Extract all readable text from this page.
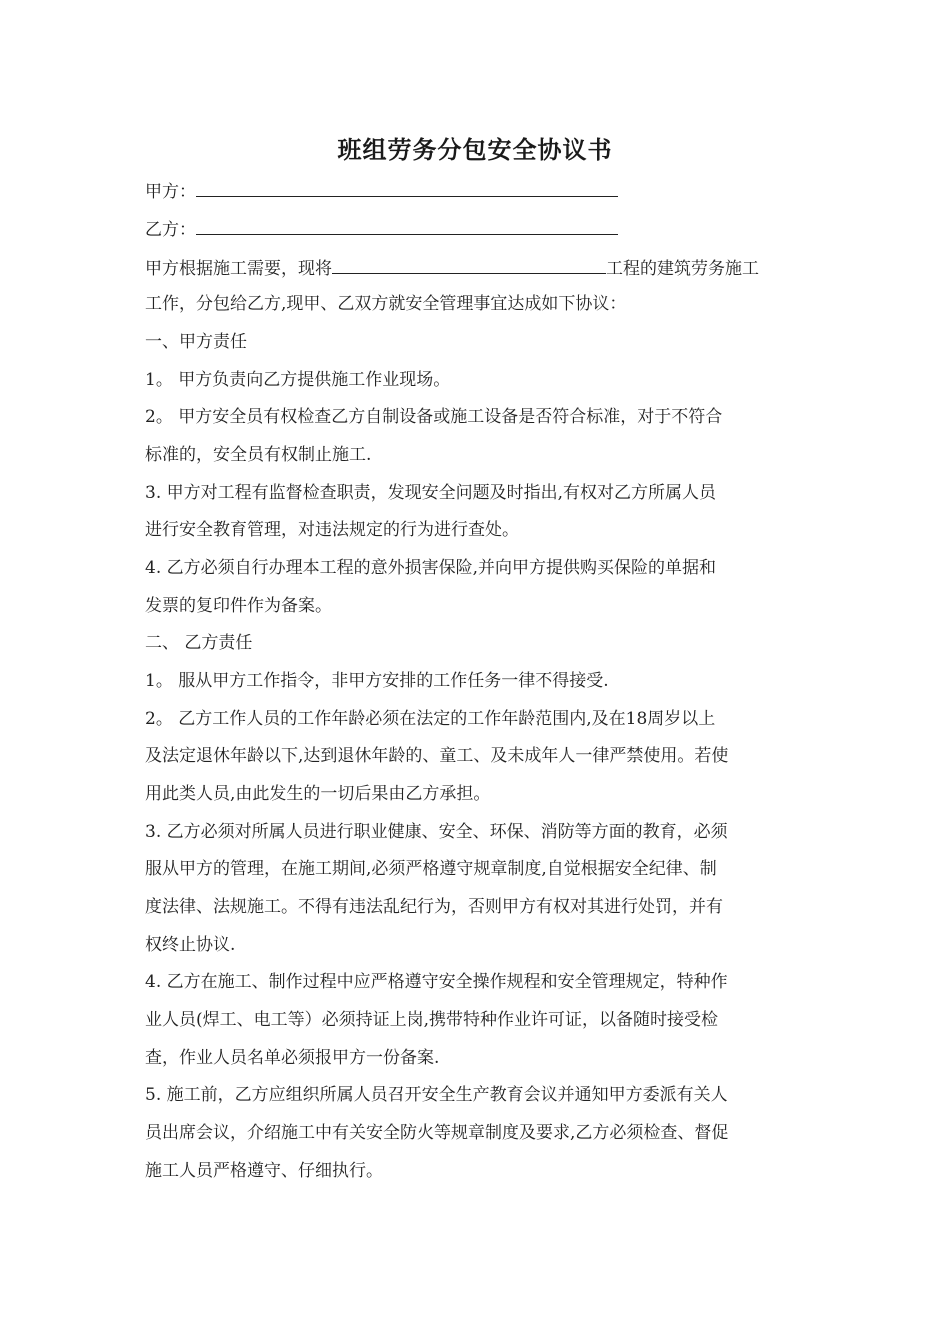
班组劳务分包安全协议书
甲方：
乙方：
甲方根据施工需要，现将	工程的建筑劳务施工
工作，分包给乙方,现甲、乙双方就安全管理事宜达成如下协议：
一、甲方责任
1。 甲方负责向乙方提供施工作业现场。
2。 甲方安全员有权检查乙方自制设备或施工设备是否符合标准，对于不符合
标准的，安全员有权制止施工.
3. 甲方对工程有监督检查职责，发现安全问题及时指出,有权对乙方所属人员
进行安全教育管理，对违法规定的行为进行查处。
4. 乙方必须自行办理本工程的意外损害保险,并向甲方提供购买保险的单据和
发票的复印件作为备案。
二、 乙方责任
1。 服从甲方工作指令，非甲方安排的工作任务一律不得接受.
2。 乙方工作人员的工作年龄必须在法定的工作年龄范围内,及在18周岁以上
及法定退休年龄以下,达到退休年龄的、童工、及未成年人一律严禁使用。若使
用此类人员,由此发生的一切后果由乙方承担。
3. 乙方必须对所属人员进行职业健康、安全、环保、消防等方面的教育，必须
服从甲方的管理，在施工期间,必须严格遵守规章制度,自觉根据安全纪律、制
度法律、法规施工。不得有违法乱纪行为，否则甲方有权对其进行处罚，并有
权终止协议.
4. 乙方在施工、制作过程中应严格遵守安全操作规程和安全管理规定，特种作
业人员(焊工、电工等）必须持证上岗,携带特种作业许可证，以备随时接受检
查，作业人员名单必须报甲方一份备案.
5. 施工前，乙方应组织所属人员召开安全生产教育会议并通知甲方委派有关人
员出席会议，介绍施工中有关安全防火等规章制度及要求,乙方必须检查、督促
施工人员严格遵守、仔细执行。
